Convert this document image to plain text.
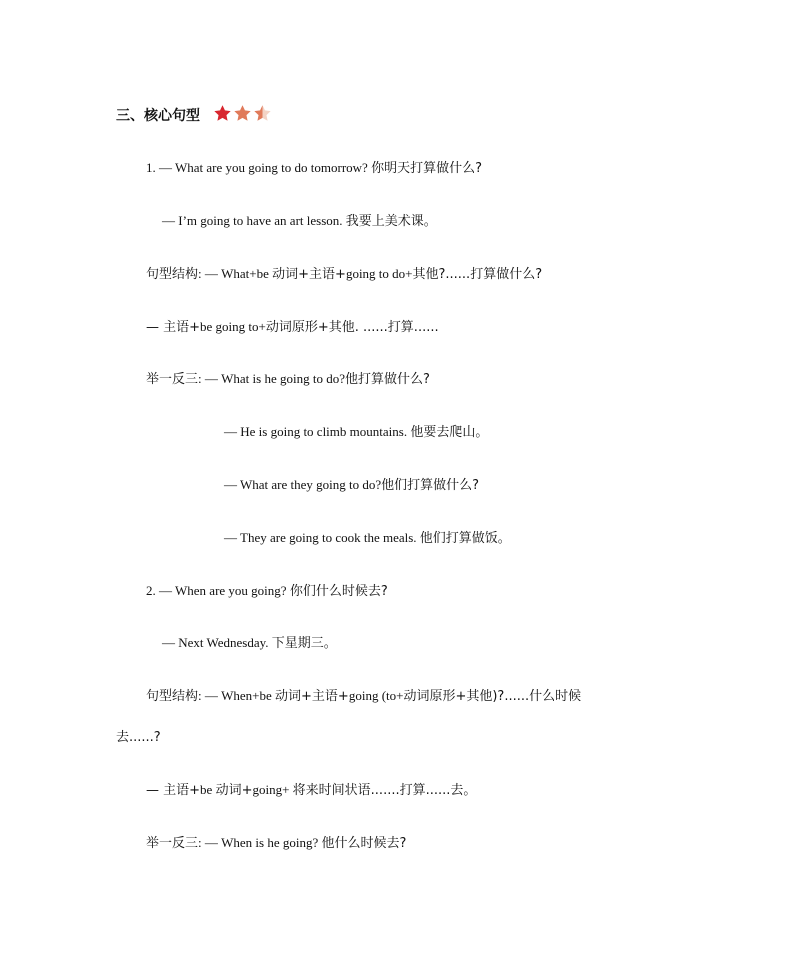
三、核心句型
1. — What are you going to do tomorrow? 你明天打算做什么?
— I’m going to have an art lesson. 我要上美术课。
句型结构: — What+be 动词+主语+going to do+其他?......打算做什么?
— 主语+be going to+动词原形+其他. ......打算......
举一反三: — What is he going to do?他打算做什么?
— He is going to climb mountains. 他要去爬山。
— What are they going to do?他们打算做什么?
— They are going to cook the meals. 他们打算做饭。
2. — When are you going? 你们什么时候去?
— Next Wednesday. 下星期三。
句型结构: — When+be 动词+主语+going (to+动词原形+其他)?......什么时候
去......?
— 主语+be 动词+going+ 将来时间状语.......打算......去。
举一反三: — When is he going? 他什么时候去?
